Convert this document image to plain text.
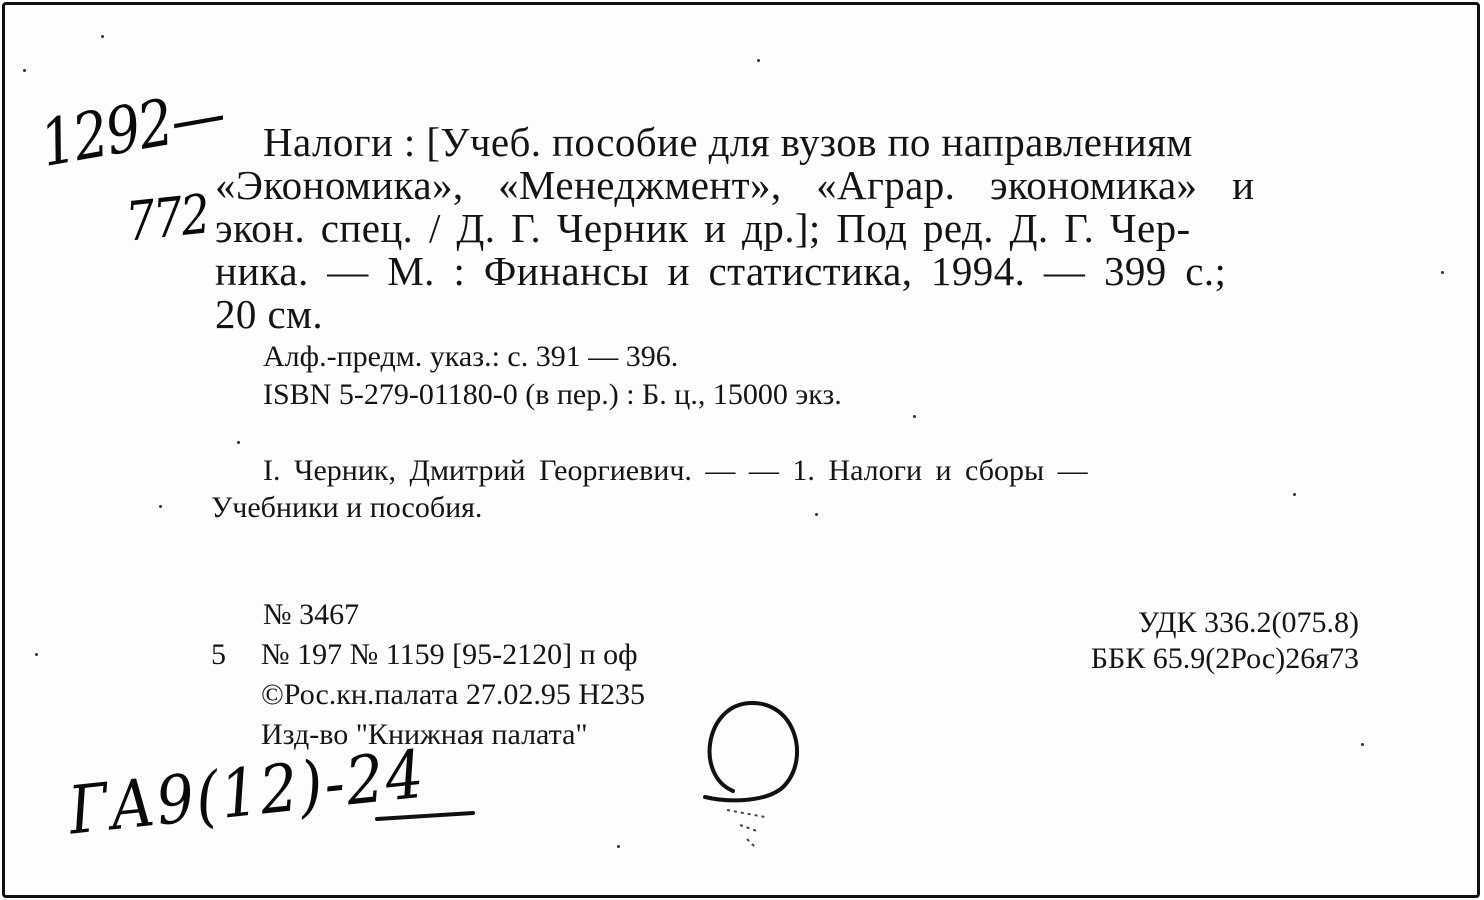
1292—
772
Налоги : [Учеб. пособие для вузов по направлениям
«Экономика», «Менеджмент», «Аграр. экономика» и
экон. спец. / Д. Г. Черник и др.]; Под ред. Д. Г. Чер-
ника. — М. : Финансы и статистика, 1994. — 399 с.;
20 см.
Алф.-предм. указ.: с. 391 — 396.
ISBN 5-279-01180-0 (в пер.) : Б. ц., 15000 экз.
I. Черник, Дмитрий Георгиевич. — — 1. Налоги и сборы —
Учебники и пособия.
№ 3467
5 № 197 № 1159 [95-2120] п оф
©Рос.кн.палата 27.02.95 Н235
Изд-во "Книжная палата"
УДК 336.2(075.8)
ББК 65.9(2Рос)26я73
ГА9(12)-24
